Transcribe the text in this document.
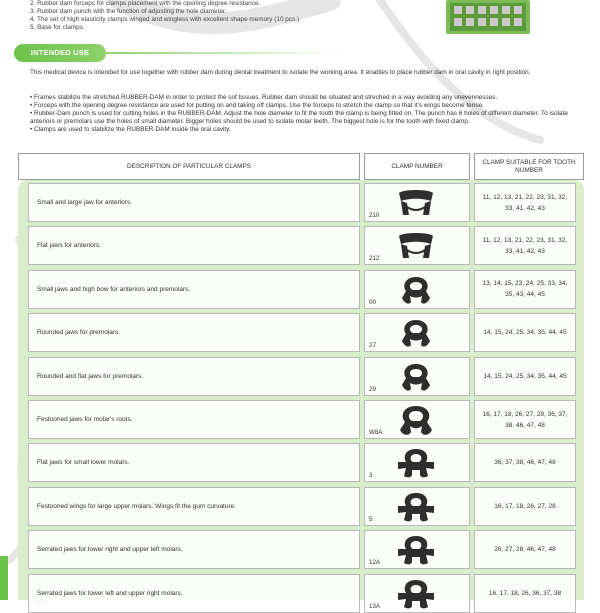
2. Rubber dam forceps for clamps placement with the opening degree resistance.
3. Rubber dam punch with the function of adjusting the hole diameter.
4. The set of high elasticity clamps winged and wingless with excellent shape memory (10 pcs.).
5. Base for clamps.
INTENDED USE
This medical device is intended for use together with rubber dam during dental treatment to isolate the working area. It enables to place rubber dam in oral cavity in right position.
• Frames stabilize the stretched RUBBER-DAM in order to protect the sof tissues. Rubber dam should be situated and streched in a way avoiding any unevennesses.
• Forceps with the opening degree resistance are used for putting on and taking off clamps. Use the forceps to stretch the clamp so that it's wings become tense.
• Rubber-Dam punch is used for cutting holes in the RUBBER-DAM. Adjust the hole diameter to fit the tooth the clamp is being fitted on. The punch has 6 holes of different diameter. To isolate anteriors or premolars use the holes of small diameter. Bigger holes should be used to isolate molar teeth. The biggest hole is for the tooth with fixed clamp.
• Clamps are used to stabilize the RUBBER-DAM inside the oral cavity.
DESCRIPTION OF PARTICULAR CLAMPS	CLAMP NUMBER
CLAMP SUITABLE FOR TOOTH NUMBER
Small and large jaw for anteriors.
210
11, 12, 13, 21, 22, 23, 31, 32, 33, 41, 42, 43
Flat jaws for anteriors.
212
11, 12, 13, 21, 22, 23, 31, 32, 33, 41, 42, 43
Small jaws and high bow for anteriors and premolars.
00
13, 14, 15, 23, 24, 25, 33, 34, 35, 43, 44, 45
Rounded jaws for premolars.
27
14, 15, 24, 25, 34, 35, 44, 45
Rounded and flat jaws for premolars.
29
14, 15, 24, 25, 34, 35, 44, 45
Festooned jaws for molar's roots.
W8A
16, 17, 18, 26, 27, 28, 36, 37, 38, 46, 47, 48
Flat jaws for small lower molars.
3
36, 37, 38, 46, 47, 48
Festooned wings for large upper molars. Wings fit the gum curvature.
5
16, 17, 18, 26, 27, 28
Serrated jaws for lower right and upper left molars.
12A
26, 27, 28, 46, 47, 48
Serrated jaws for lower left and upper right molars.
13A
16, 17, 18, 26, 36, 37, 38
